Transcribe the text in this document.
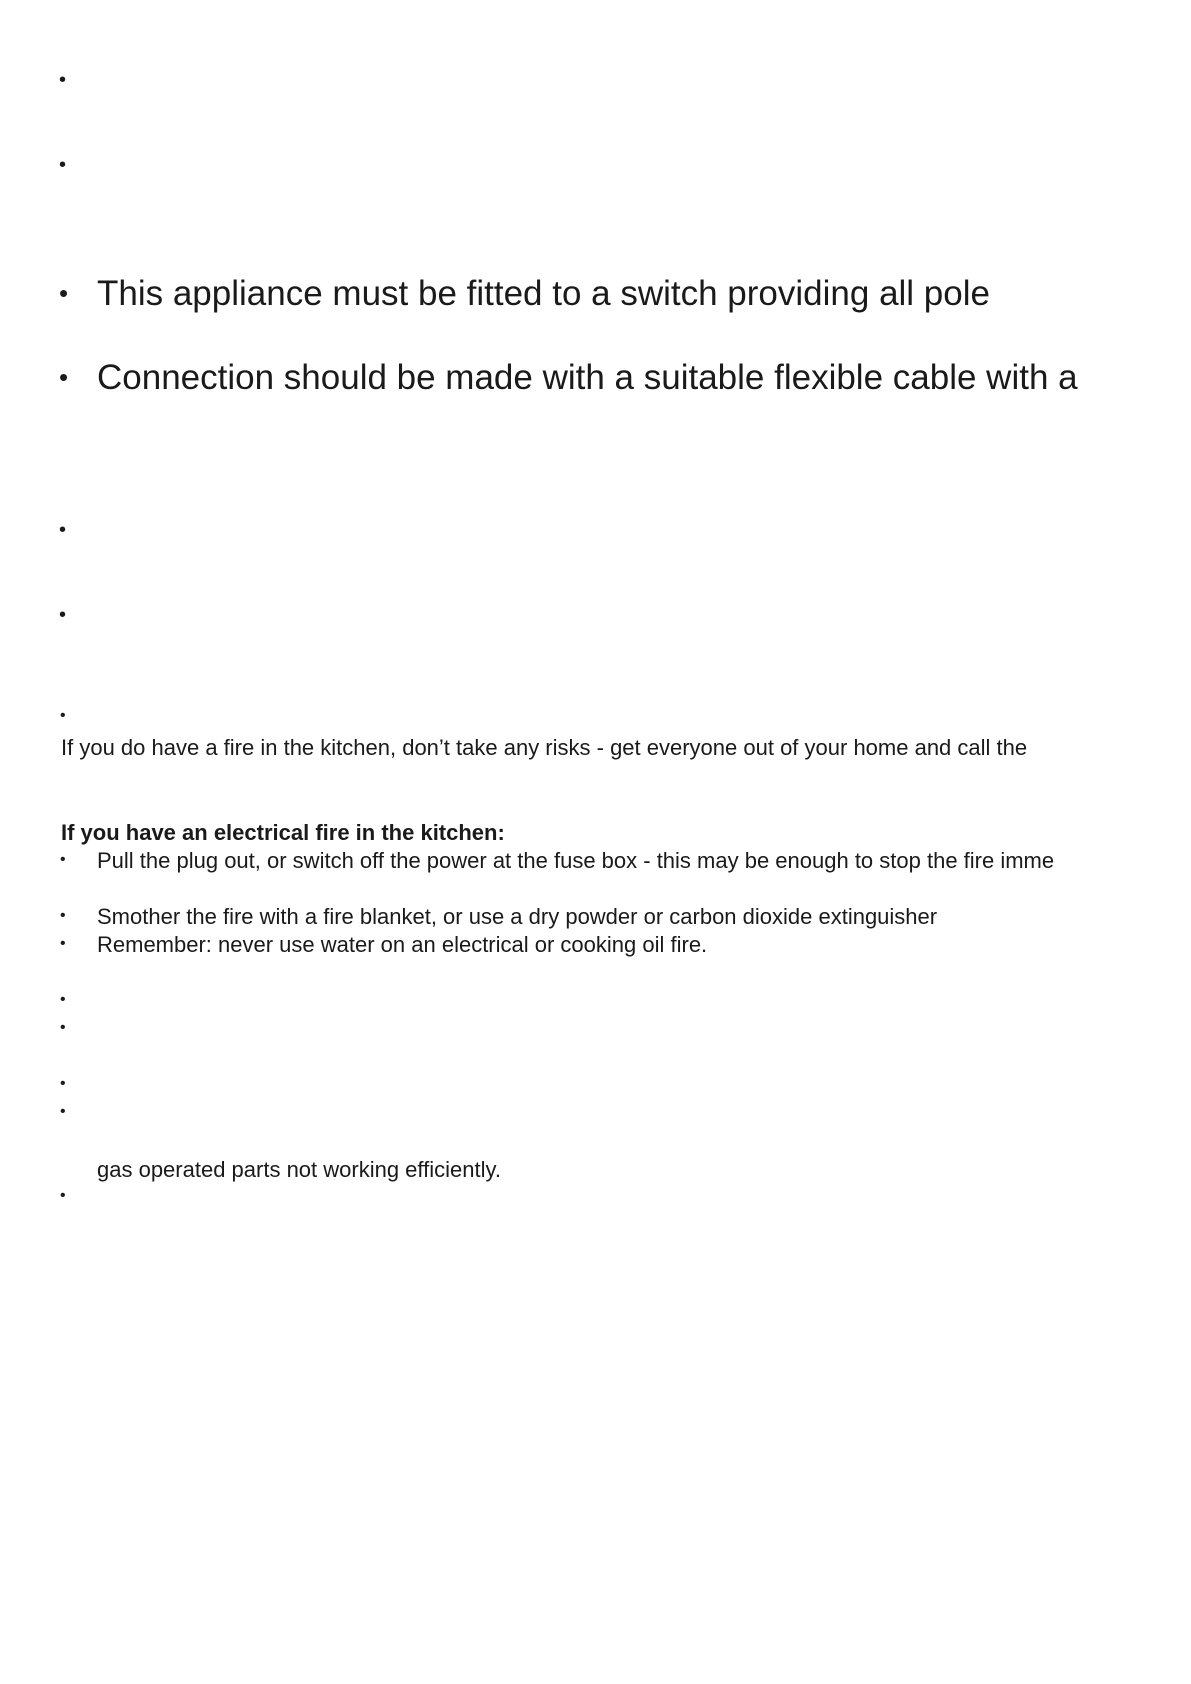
•
•
• This appliance must be fitted to a switch providing all pole
• Connection should be made with a suitable flexible cable with a
•
•
•
If you do have a fire in the kitchen, don’t take any risks - get everyone out of your home and call the
If you have an electrical fire in the kitchen:
• Pull the plug out, or switch off the power at the fuse box - this may be enough to stop the fire imme
• Smother the fire with a fire blanket, or use a dry powder or carbon dioxide extinguisher
• Remember: never use water on an electrical or cooking oil fire.
•
•
•
•
gas operated parts not working efficiently.
•
